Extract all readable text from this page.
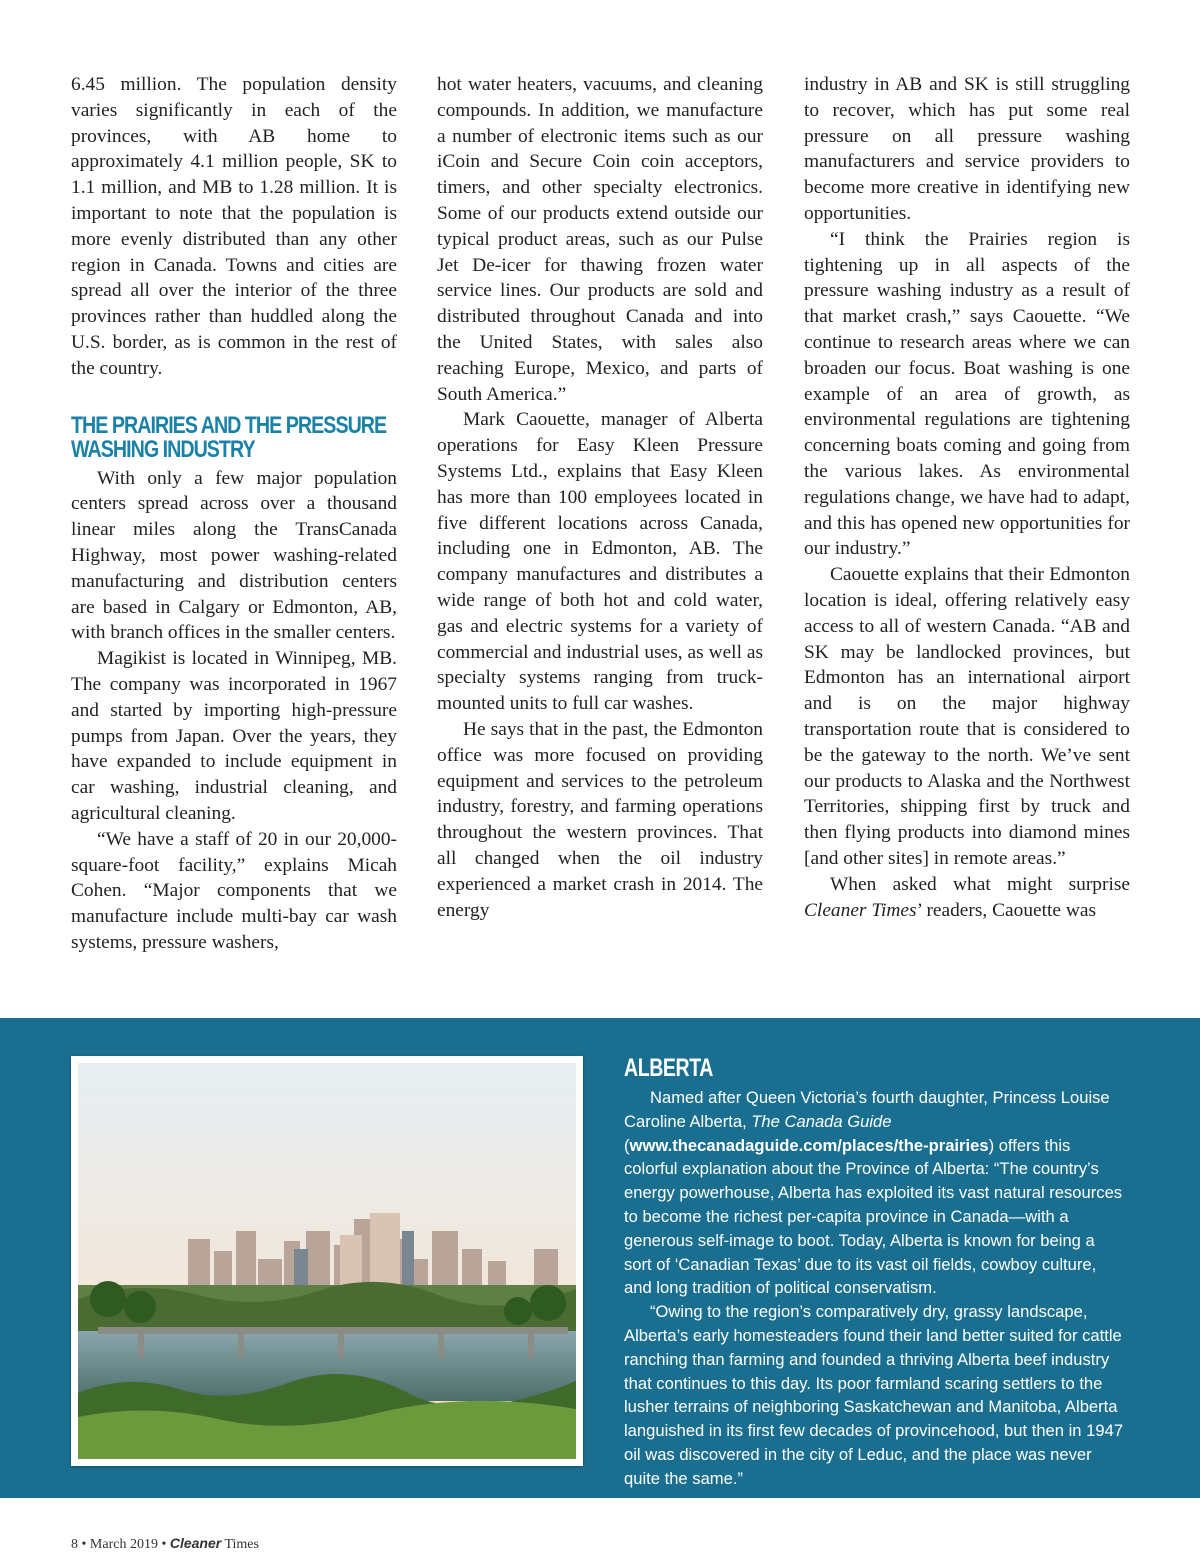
6.45 million. The population density varies significantly in each of the provinces, with AB home to approximately 4.1 million people, SK to 1.1 million, and MB to 1.28 million. It is important to note that the population is more evenly distributed than any other region in Canada. Towns and cities are spread all over the interior of the three provinces rather than huddled along the U.S. border, as is common in the rest of the country.

THE PRAIRIES AND THE PRESSURE WASHING INDUSTRY

With only a few major population centers spread across over a thousand linear miles along the TransCanada Highway, most power washing-related manufacturing and distribution centers are based in Calgary or Edmonton, AB, with branch offices in the smaller centers.

Magikist is located in Winnipeg, MB. The company was incorporated in 1967 and started by importing high-pressure pumps from Japan. Over the years, they have expanded to include equipment in car washing, industrial cleaning, and agricultural cleaning.

“We have a staff of 20 in our 20,000-square-foot facility,” explains Micah Cohen. “Major components that we manufacture include multi-bay car wash systems, pressure washers,

hot water heaters, vacuums, and cleaning compounds. In addition, we manufacture a number of electronic items such as our iCoin and Secure Coin coin acceptors, timers, and other specialty electronics. Some of our products extend outside our typical product areas, such as our Pulse Jet De-icer for thawing frozen water service lines. Our products are sold and distributed throughout Canada and into the United States, with sales also reaching Europe, Mexico, and parts of South America.”

Mark Caouette, manager of Alberta operations for Easy Kleen Pressure Systems Ltd., explains that Easy Kleen has more than 100 employees located in five different locations across Canada, including one in Edmonton, AB. The company manufactures and distributes a wide range of both hot and cold water, gas and electric systems for a variety of commercial and industrial uses, as well as specialty systems ranging from truck-mounted units to full car washes.

He says that in the past, the Edmonton office was more focused on providing equipment and services to the petroleum industry, forestry, and farming operations throughout the western provinces. That all changed when the oil industry experienced a market crash in 2014. The energy

industry in AB and SK is still struggling to recover, which has put some real pressure on all pressure washing manufacturers and service providers to become more creative in identifying new opportunities.

“I think the Prairies region is tightening up in all aspects of the pressure washing industry as a result of that market crash,” says Caouette. “We continue to research areas where we can broaden our focus. Boat washing is one example of an area of growth, as environmental regulations are tightening concerning boats coming and going from the various lakes. As environmental regulations change, we have had to adapt, and this has opened new opportunities for our industry.”

Caouette explains that their Edmonton location is ideal, offering relatively easy access to all of western Canada. “AB and SK may be landlocked provinces, but Edmonton has an international airport and is on the major highway transportation route that is considered to be the gateway to the north. We’ve sent our products to Alaska and the Northwest Territories, shipping first by truck and then flying products into diamond mines [and other sites] in remote areas.”

When asked what might surprise Cleaner Times’ readers, Caouette was

ALBERTA

Named after Queen Victoria’s fourth daughter, Princess Louise Caroline Alberta, The Canada Guide (www.thecanadaguide.com/places/the-prairies) offers this colorful explanation about the Province of Alberta: “The country’s energy powerhouse, Alberta has exploited its vast natural resources to become the richest per-capita province in Canada—with a generous self-image to boot. Today, Alberta is known for being a sort of ‘Canadian Texas’ due to its vast oil fields, cowboy culture, and long tradition of political conservatism.

“Owing to the region’s comparatively dry, grassy landscape, Alberta’s early homesteaders found their land better suited for cattle ranching than farming and founded a thriving Alberta beef industry that continues to this day. Its poor farmland scaring settlers to the lusher terrains of neighboring Saskatchewan and Manitoba, Alberta languished in its first few decades of provincehood, but then in 1947 oil was discovered in the city of Leduc, and the place was never quite the same.”

8 • March 2019 • Cleaner Times
